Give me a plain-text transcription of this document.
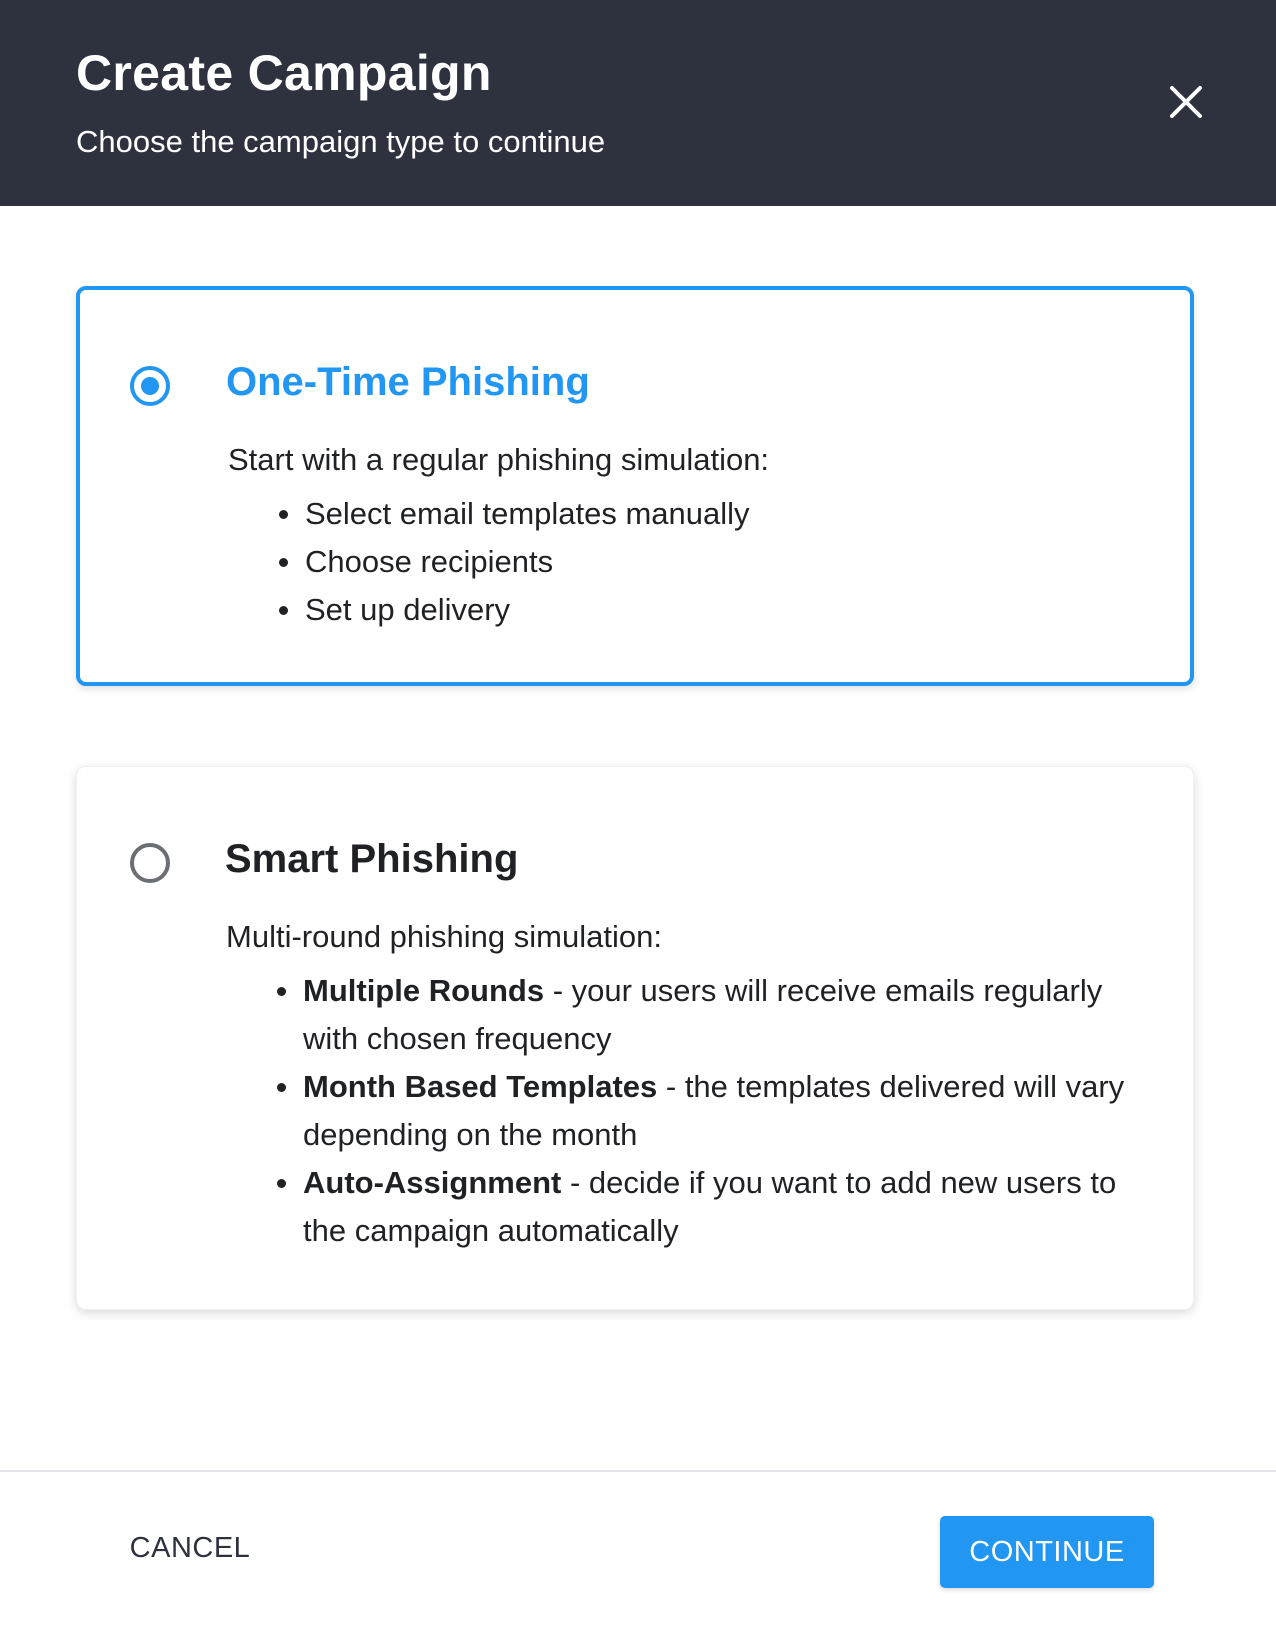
Create Campaign
Choose the campaign type to continue
One-Time Phishing
Start with a regular phishing simulation:
Select email templates manually
Choose recipients
Set up delivery
Smart Phishing
Multi-round phishing simulation:
Multiple Rounds - your users will receive emails regularly with chosen frequency
Month Based Templates - the templates delivered will vary depending on the month
Auto-Assignment - decide if you want to add new users to the campaign automatically
CANCEL	CONTINUE
